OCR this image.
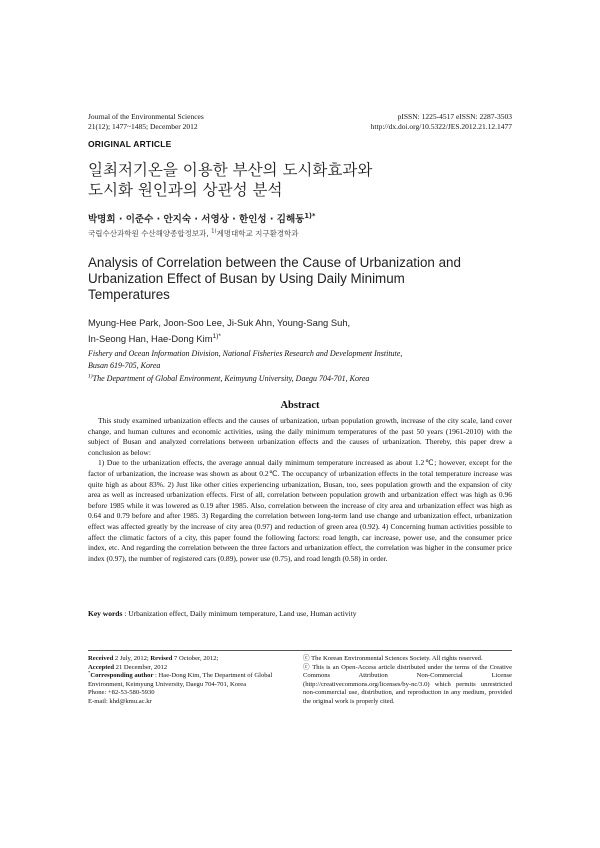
Journal of the Environmental Sciences
21(12); 1477~1485; December 2012
pISSN: 1225-4517 eISSN: 2287-3503
http://dx.doi.org/10.5322/JES.2012.21.12.1477
ORIGINAL ARTICLE
일최저기온을 이용한 부산의 도시화효과와
도시화 원인과의 상관성 분석
박명희 · 이준수 · 안지숙 · 서영상 · 한인성 · 김해동$^{1)*}$
국립수산과학원 수산해양종합정보과, $^{1)}$계명대학교 지구환경학과
Analysis of Correlation between the Cause of Urbanization and
Urbanization Effect of Busan by Using Daily Minimum
Temperatures
Myung-Hee Park, Joon-Soo Lee, Ji-Suk Ahn, Young-Sang Suh,
In-Seong Han, Hae-Dong Kim$^{1)*}$
Fishery and Ocean Information Division, National Fisheries Research and Development Institute,
Busan 619-705, Korea
$^{1)}$The Department of Global Environment, Keimyung University, Daegu 704-701, Korea
Abstract

This study examined urbanization effects and the causes of urbanization, urban population growth, increase of the city scale, land cover change, and human cultures and economic activities, using the daily minimum temperatures of the past 50 years (1961-2010) with the subject of Busan and analyzed correlations between urbanization effects and the causes of urbanization. Thereby, this paper drew a conclusion as below:

1) Due to the urbanization effects, the average annual daily minimum temperature increased as about 1.2℃; however, except for the factor of urbanization, the increase was shown as about 0.2℃. The occupancy of urbanization effects in the total temperature increase was quite high as about 83%. 2) Just like other cities experiencing urbanization, Busan, too, sees population growth and the expansion of city area as well as increased urbanization effects. First of all, correlation between population growth and urbanization effect was high as 0.96 before 1985 while it was lowered as 0.19 after 1985. Also, correlation between the increase of city area and urbanization effect was high as 0.64 and 0.79 before and after 1985. 3) Regarding the correlation between long-term land use change and urbanization effect, urbanization effect was affected greatly by the increase of city area (0.97) and reduction of green area (0.92). 4) Concerning human activities possible to affect the climatic factors of a city, this paper found the following factors: road length, car increase, power use, and the consumer price index, etc. And regarding the correlation between the three factors and urbanization effect, the correlation was higher in the consumer price index (0.97), the number of registered cars (0.89), power use (0.75), and road length (0.58) in order.

Key words : Urbanization effect, Daily minimum temperature, Land use, Human activity
Received 2 July, 2012; Revised 7 October, 2012;
Accepted 21 December, 2012
*Corresponding author : Hae-Dong Kim, The Department of Global Environment, Keimyung University, Daegu 704-701, Korea
Phone: +82-53-580-5930
E-mail: khd@kmu.ac.kr
ⓒ The Korean Environmental Sciences Society. All rights reserved.
ⓒ This is an Open-Access article distributed under the terms of the Creative Commons Attribution Non-Commercial License (http://creativecommons.org/licenses/by-nc/3.0) which permits unrestricted non-commercial use, distribution, and reproduction in any medium, provided the original work is properly cited.
